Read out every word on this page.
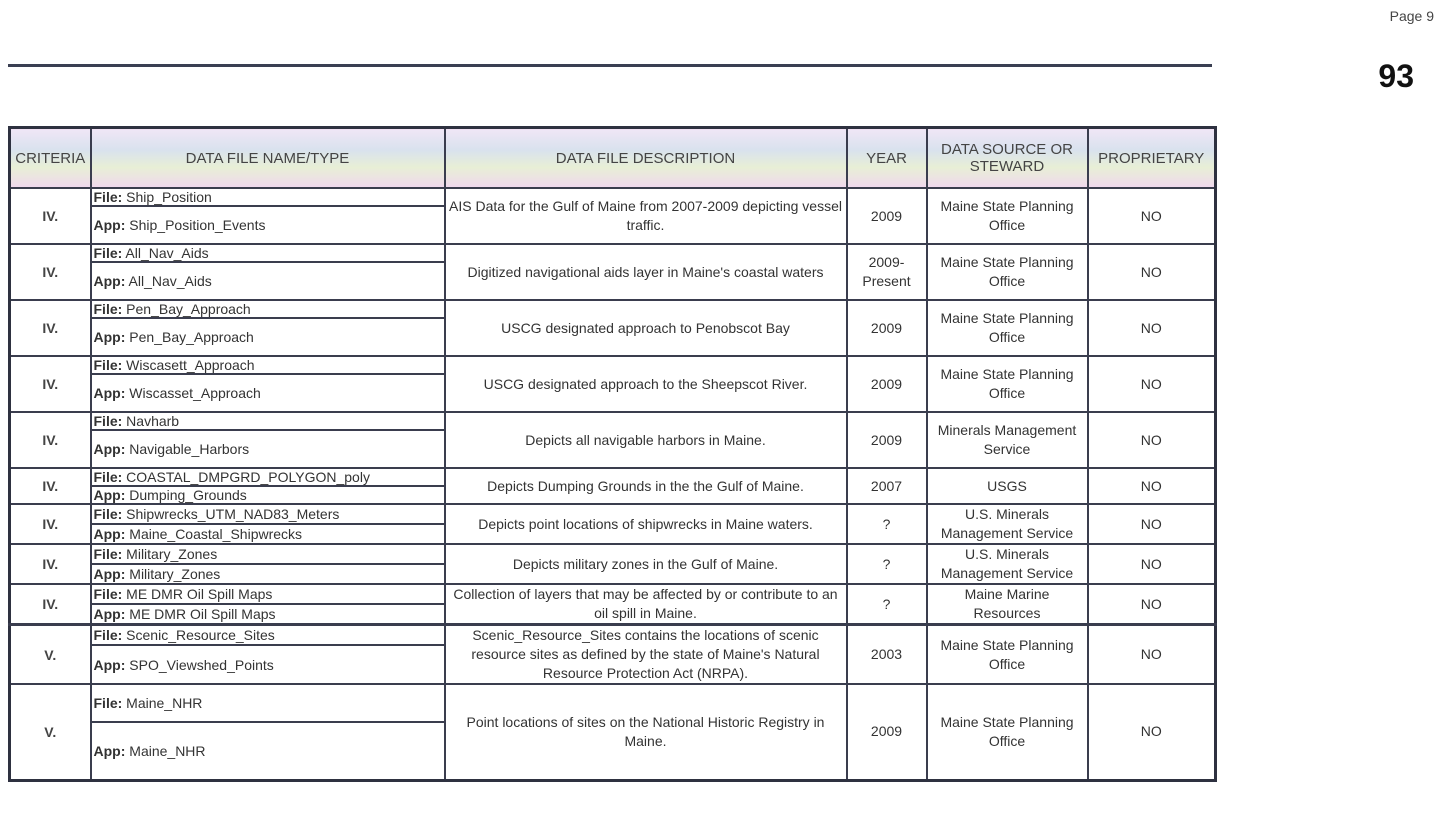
Page 9
93
CRITERIA	DATA FILE NAME/TYPE	DATA FILE DESCRIPTION	YEAR	DATA SOURCE OR STEWARD	PROPRIETARY
IV.	File: Ship_Position	AIS Data for the Gulf of Maine from 2007-2009 depicting vessel traffic.	2009	Maine State Planning Office	NO
	App: Ship_Position_Events				
IV.	File: All_Nav_Aids	Digitized navigational aids layer in Maine's coastal waters	2009-Present	Maine State Planning Office	NO
	App: All_Nav_Aids				
IV.	File: Pen_Bay_Approach	USCG designated approach to Penobscot Bay	2009	Maine State Planning Office	NO
	App: Pen_Bay_Approach				
IV.	File: Wiscasett_Approach	USCG designated approach to the Sheepscot River.	2009	Maine State Planning Office	NO
	App: Wiscasset_Approach				
IV.	File: Navharb	Depicts all navigable harbors in Maine.	2009	Minerals Management Service	NO
	App: Navigable_Harbors				
IV.	File: COASTAL_DMPGRD_POLYGON_poly	Depicts Dumping Grounds in the the Gulf of Maine.	2007	USGS	NO
	App: Dumping_Grounds				
IV.	File: Shipwrecks_UTM_NAD83_Meters	Depicts point locations of shipwrecks in Maine waters.	?	U.S. Minerals Management Service	NO
	App: Maine_Coastal_Shipwrecks				
IV.	File: Military_Zones	Depicts military zones in the Gulf of Maine.	?	U.S. Minerals Management Service	NO
	App: Military_Zones				
IV.	File: ME DMR Oil Spill Maps	Collection of layers that may be affected by or contribute to an oil spill in Maine.	?	Maine Marine Resources	NO
	App: ME DMR Oil Spill Maps				
V.	File: Scenic_Resource_Sites	Scenic_Resource_Sites contains the locations of scenic resource sites as defined by the state of Maine's Natural Resource Protection Act (NRPA).	2003	Maine State Planning Office	NO
	App: SPO_Viewshed_Points				
V.	File: Maine_NHR	Point locations of sites on the National Historic Registry in Maine.	2009	Maine State Planning Office	NO
	App: Maine_NHR				
